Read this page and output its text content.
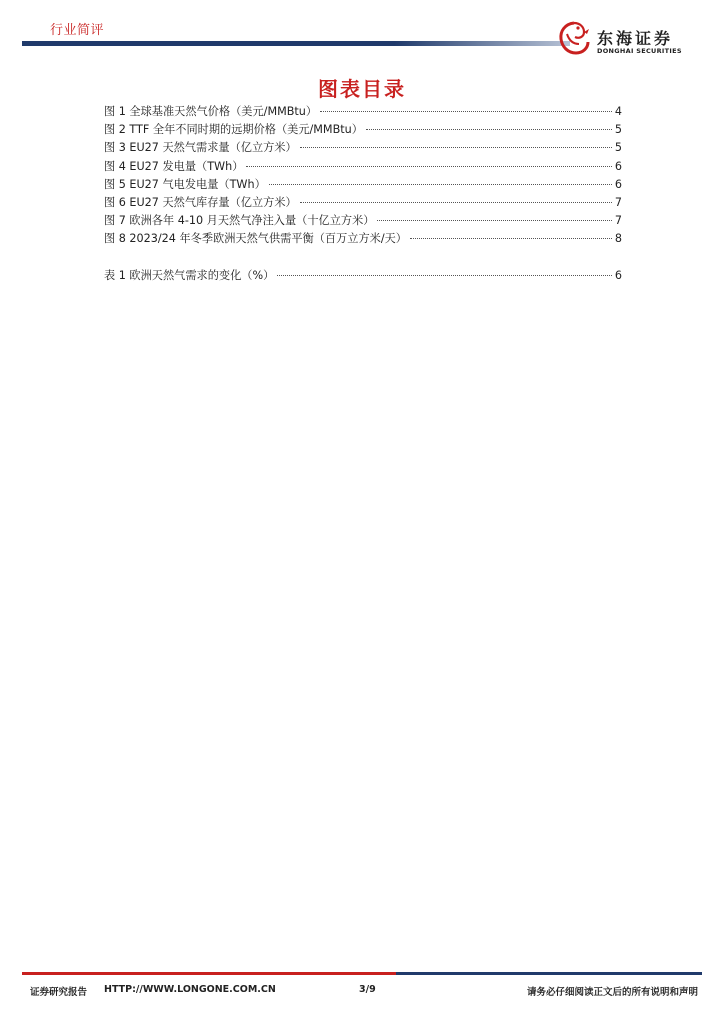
行业简评	东海证券
DONGHAI SECURITIES
图表目录
图 1 全球基准天然气价格（美元/MMBtu）	4
图 2 TTF 全年不同时期的远期价格（美元/MMBtu）	5
图 3 EU27 天然气需求量（亿立方米）	5
图 4 EU27 发电量（TWh）	6
图 5 EU27 气电发电量（TWh）	6
图 6 EU27 天然气库存量（亿立方米）	7
图 7 欧洲各年 4-10 月天然气净注入量（十亿立方米）	7
图 8 2023/24 年冬季欧洲天然气供需平衡（百万立方米/天）	8
表 1 欧洲天然气需求的变化（%）	6
证券研究报告 HTTP://WWW.LONGONE.COM.CN	3/9	请务必仔细阅读正文后的所有说明和声明
